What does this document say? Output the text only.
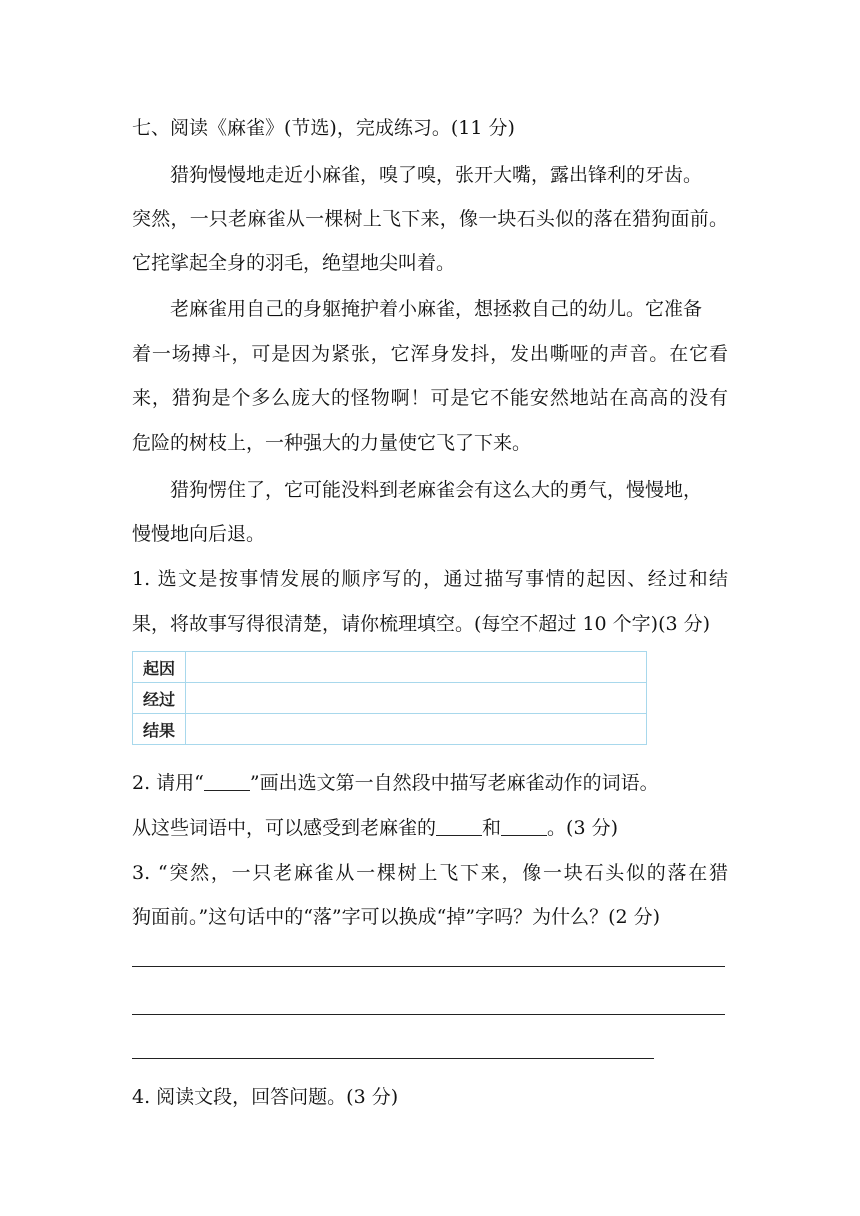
七、阅读《麻雀》(节选)，完成练习。(11 分)
猎狗慢慢地走近小麻雀，嗅了嗅，张开大嘴，露出锋利的牙齿。
突然，一只老麻雀从一棵树上飞下来，像一块石头似的落在猎狗面前。
它挓挲起全身的羽毛，绝望地尖叫着。
老麻雀用自己的身躯掩护着小麻雀，想拯救自己的幼儿。它准备
着一场搏斗，可是因为紧张，它浑身发抖，发出嘶哑的声音。在它看
来，猎狗是个多么庞大的怪物啊！可是它不能安然地站在高高的没有
危险的树枝上，一种强大的力量使它飞了下来。
猎狗愣住了，它可能没料到老麻雀会有这么大的勇气，慢慢地，
慢慢地向后退。
1. 选文是按事情发展的顺序写的，通过描写事情的起因、经过和结
果，将故事写得很清楚，请你梳理填空。(每空不超过 10 个字)(3 分)
起因	
经过	
结果	
2. 请用“ ”画出选文第一自然段中描写老麻雀动作的词语。
从这些词语中，可以感受到老麻雀的 和 。(3 分)
3. “突然，一只老麻雀从一棵树上飞下来，像一块石头似的落在猎
狗面前。”这句话中的“落”字可以换成“掉”字吗？为什么？(2 分)
4. 阅读文段，回答问题。(3 分)
